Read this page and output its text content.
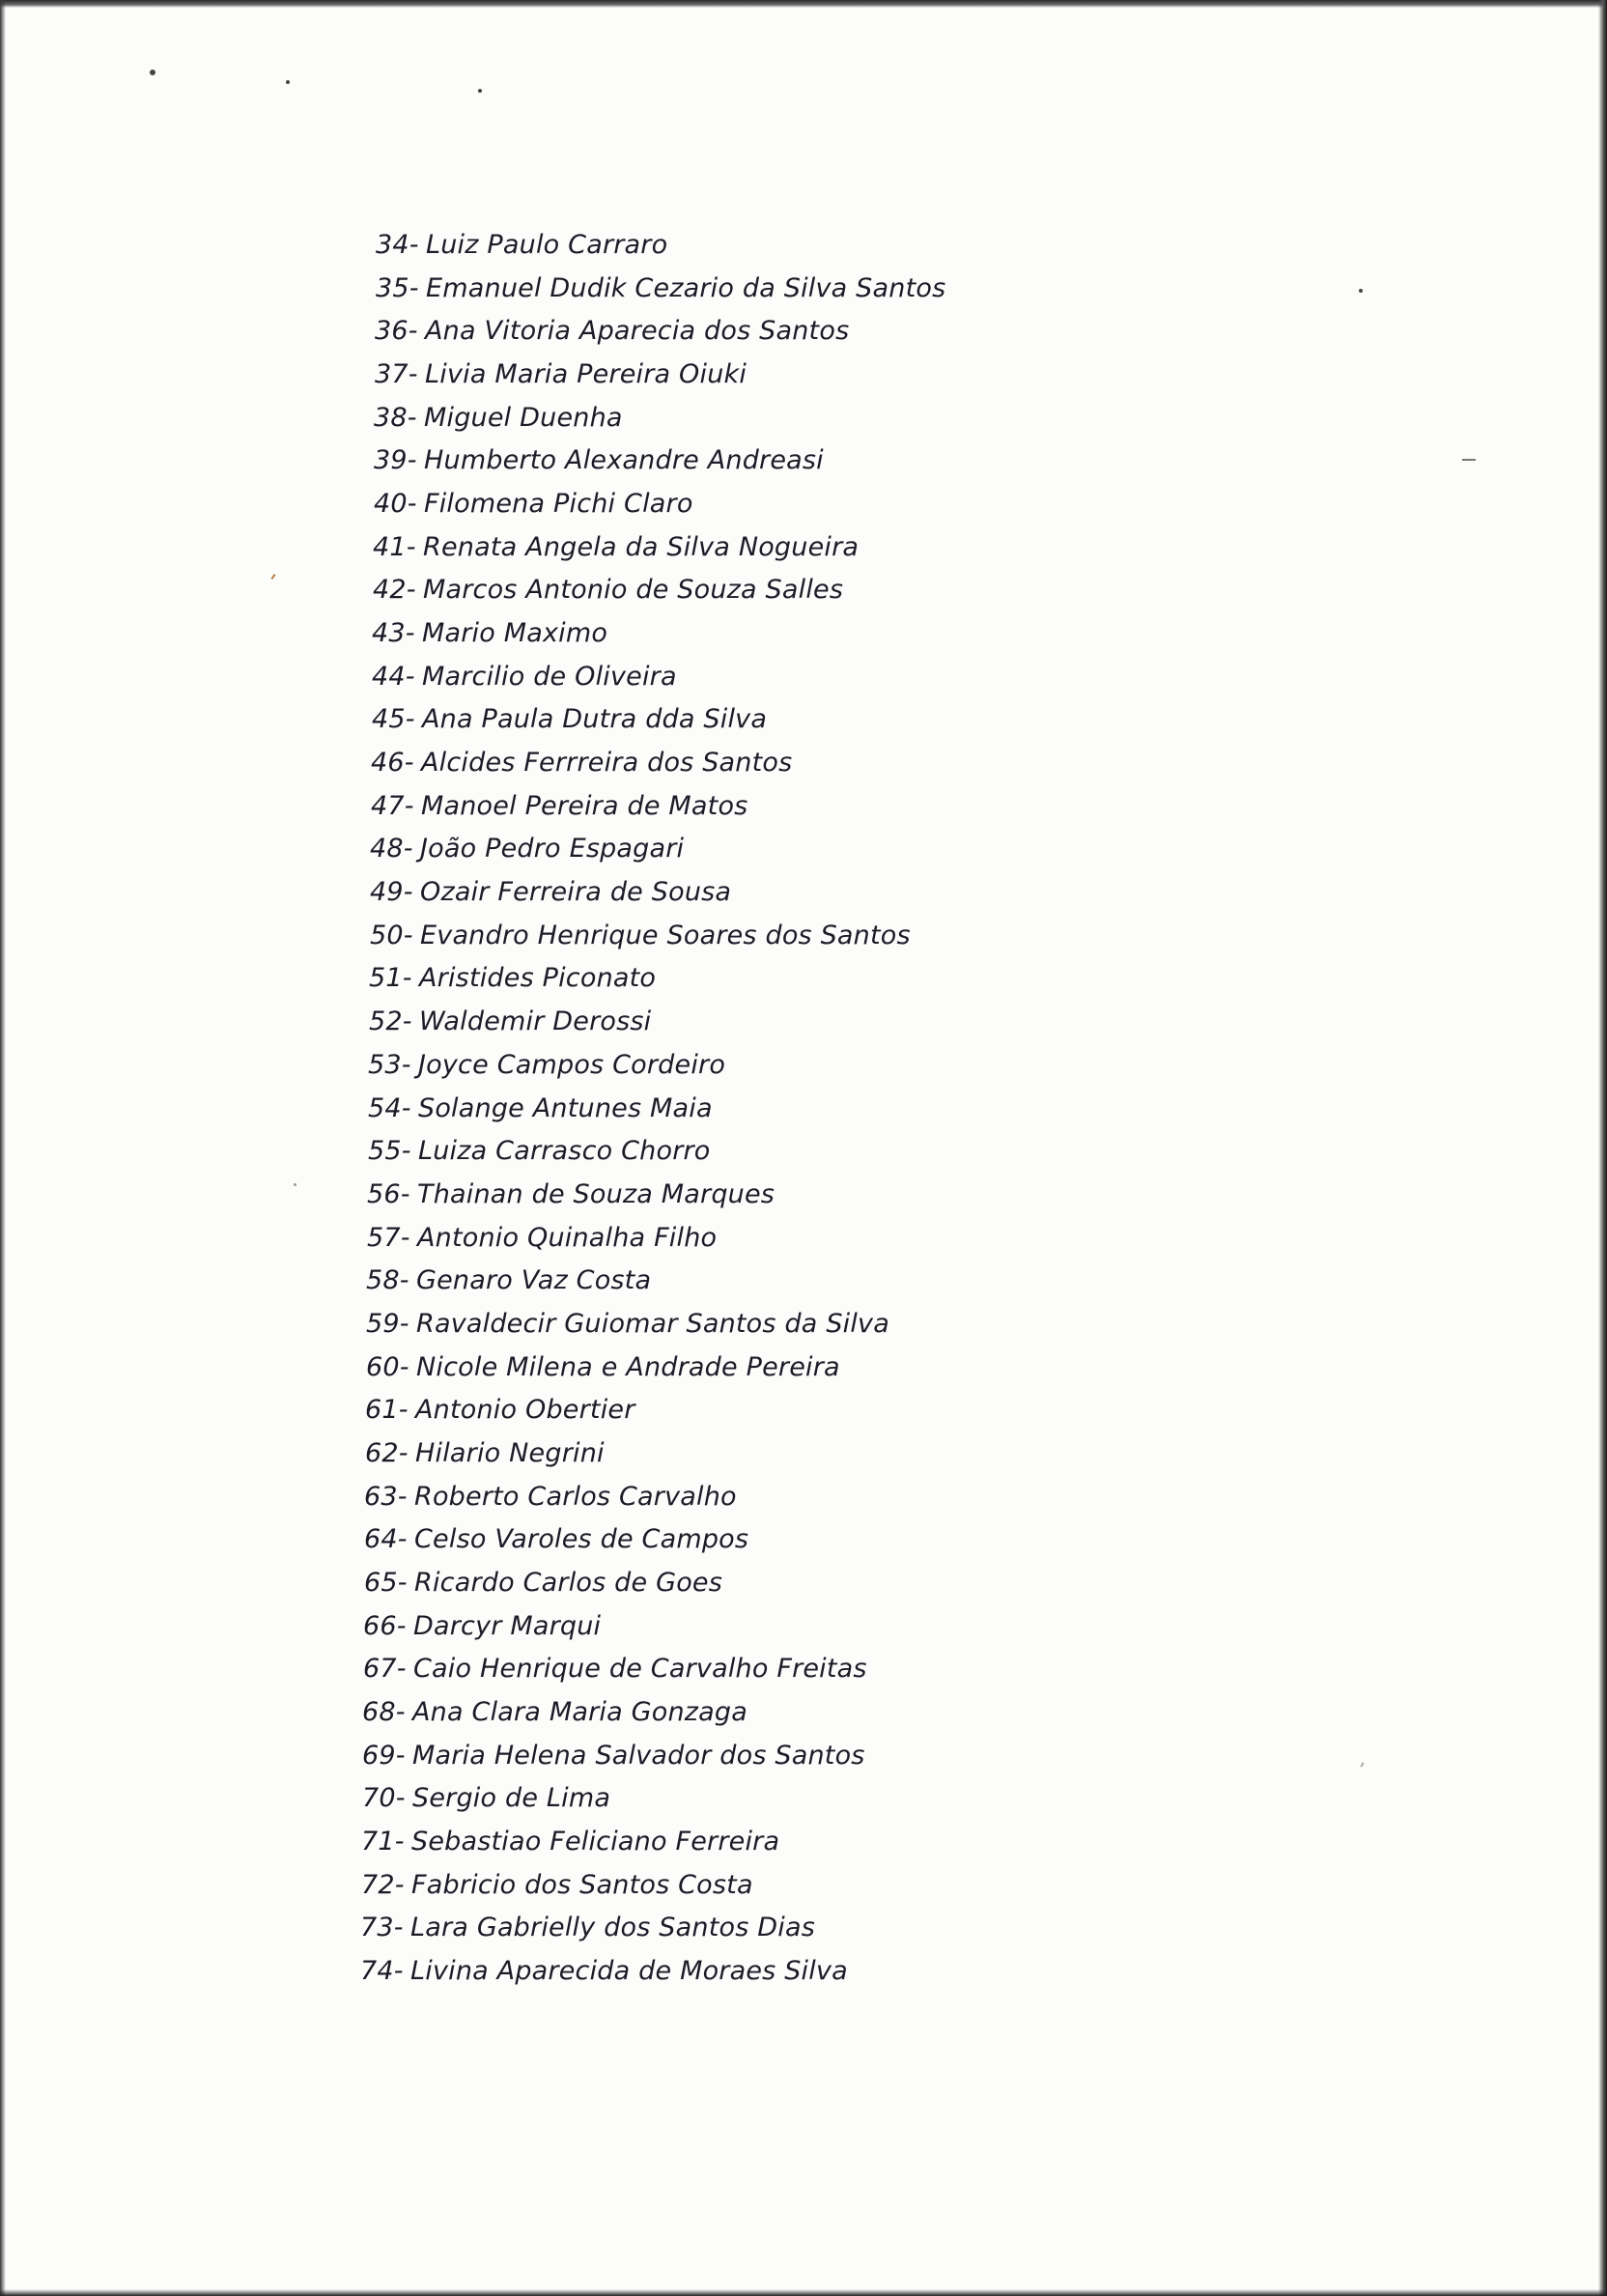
34- Luiz Paulo Carraro
35- Emanuel Dudik Cezario da Silva Santos
36- Ana Vitoria Aparecia dos Santos
37- Livia Maria Pereira Oiuki
38- Miguel Duenha
39- Humberto Alexandre Andreasi
40- Filomena Pichi Claro
41- Renata Angela da Silva Nogueira
42- Marcos Antonio de Souza Salles
43- Mario Maximo
44- Marcilio de Oliveira
45- Ana Paula Dutra dda Silva
46- Alcides Ferrreira dos Santos
47- Manoel Pereira de Matos
48- João Pedro Espagari
49- Ozair Ferreira de Sousa
50- Evandro Henrique Soares dos Santos
51- Aristides Piconato
52- Waldemir Derossi
53- Joyce Campos Cordeiro
54- Solange Antunes Maia
55- Luiza Carrasco Chorro
56- Thainan de Souza Marques
57- Antonio Quinalha Filho
58- Genaro Vaz Costa
59- Ravaldecir Guiomar Santos da Silva
60- Nicole Milena e Andrade Pereira
61- Antonio Obertier
62- Hilario Negrini
63- Roberto Carlos Carvalho
64- Celso Varoles de Campos
65- Ricardo Carlos de Goes
66- Darcyr Marqui
67- Caio Henrique de Carvalho Freitas
68- Ana Clara Maria Gonzaga
69- Maria Helena Salvador dos Santos
70- Sergio de Lima
71- Sebastiao Feliciano Ferreira
72- Fabricio dos Santos Costa
73- Lara Gabrielly dos Santos Dias
74- Livina Aparecida de Moraes Silva
